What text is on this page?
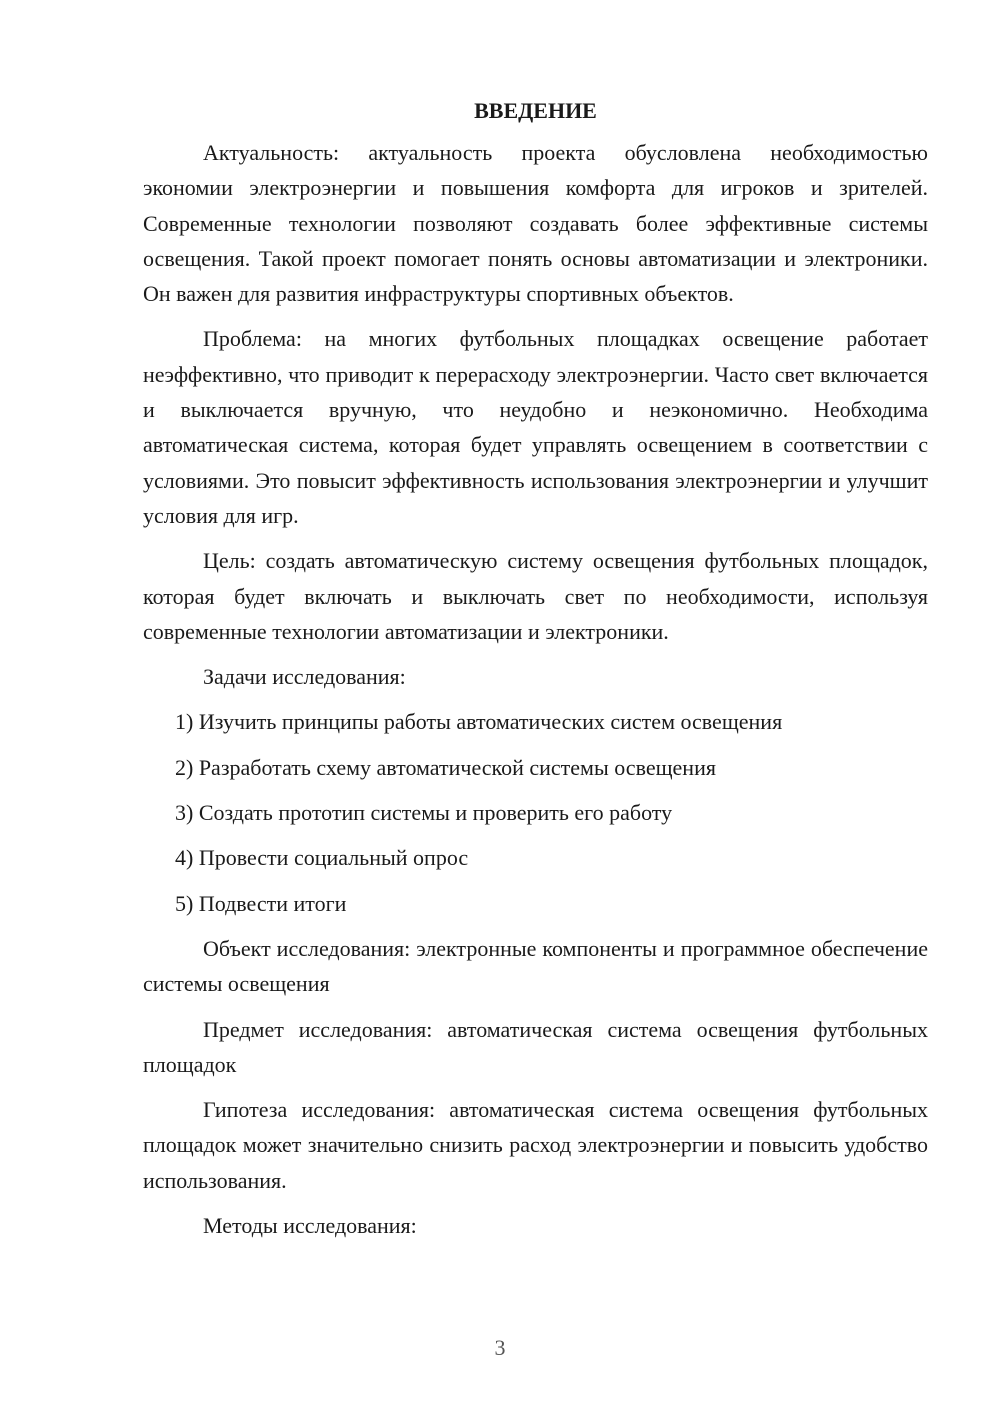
ВВЕДЕНИЕ

Актуальность: актуальность проекта обусловлена необходимостью экономии электроэнергии и повышения комфорта для игроков и зрителей. Современные технологии позволяют создавать более эффективные системы освещения. Такой проект помогает понять основы автоматизации и электроники. Он важен для развития инфраструктуры спортивных объектов.

Проблема: на многих футбольных площадках освещение работает неэффективно, что приводит к перерасходу электроэнергии. Часто свет включается и выключается вручную, что неудобно и неэкономично. Необходима автоматическая система, которая будет управлять освещением в соответствии с условиями. Это повысит эффективность использования электроэнергии и улучшит условия для игр.

Цель: создать автоматическую систему освещения футбольных площадок, которая будет включать и выключать свет по необходимости, используя современные технологии автоматизации и электроники.

Задачи исследования:

1) Изучить принципы работы автоматических систем освещения
2) Разработать схему автоматической системы освещения
3) Создать прототип системы и проверить его работу
4) Провести социальный опрос
5) Подвести итоги

Объект исследования: электронные компоненты и программное обеспечение системы освещения

Предмет исследования: автоматическая система освещения футбольных площадок

Гипотеза исследования: автоматическая система освещения футбольных площадок может значительно снизить расход электроэнергии и повысить удобство использования.

Методы исследования:

3
